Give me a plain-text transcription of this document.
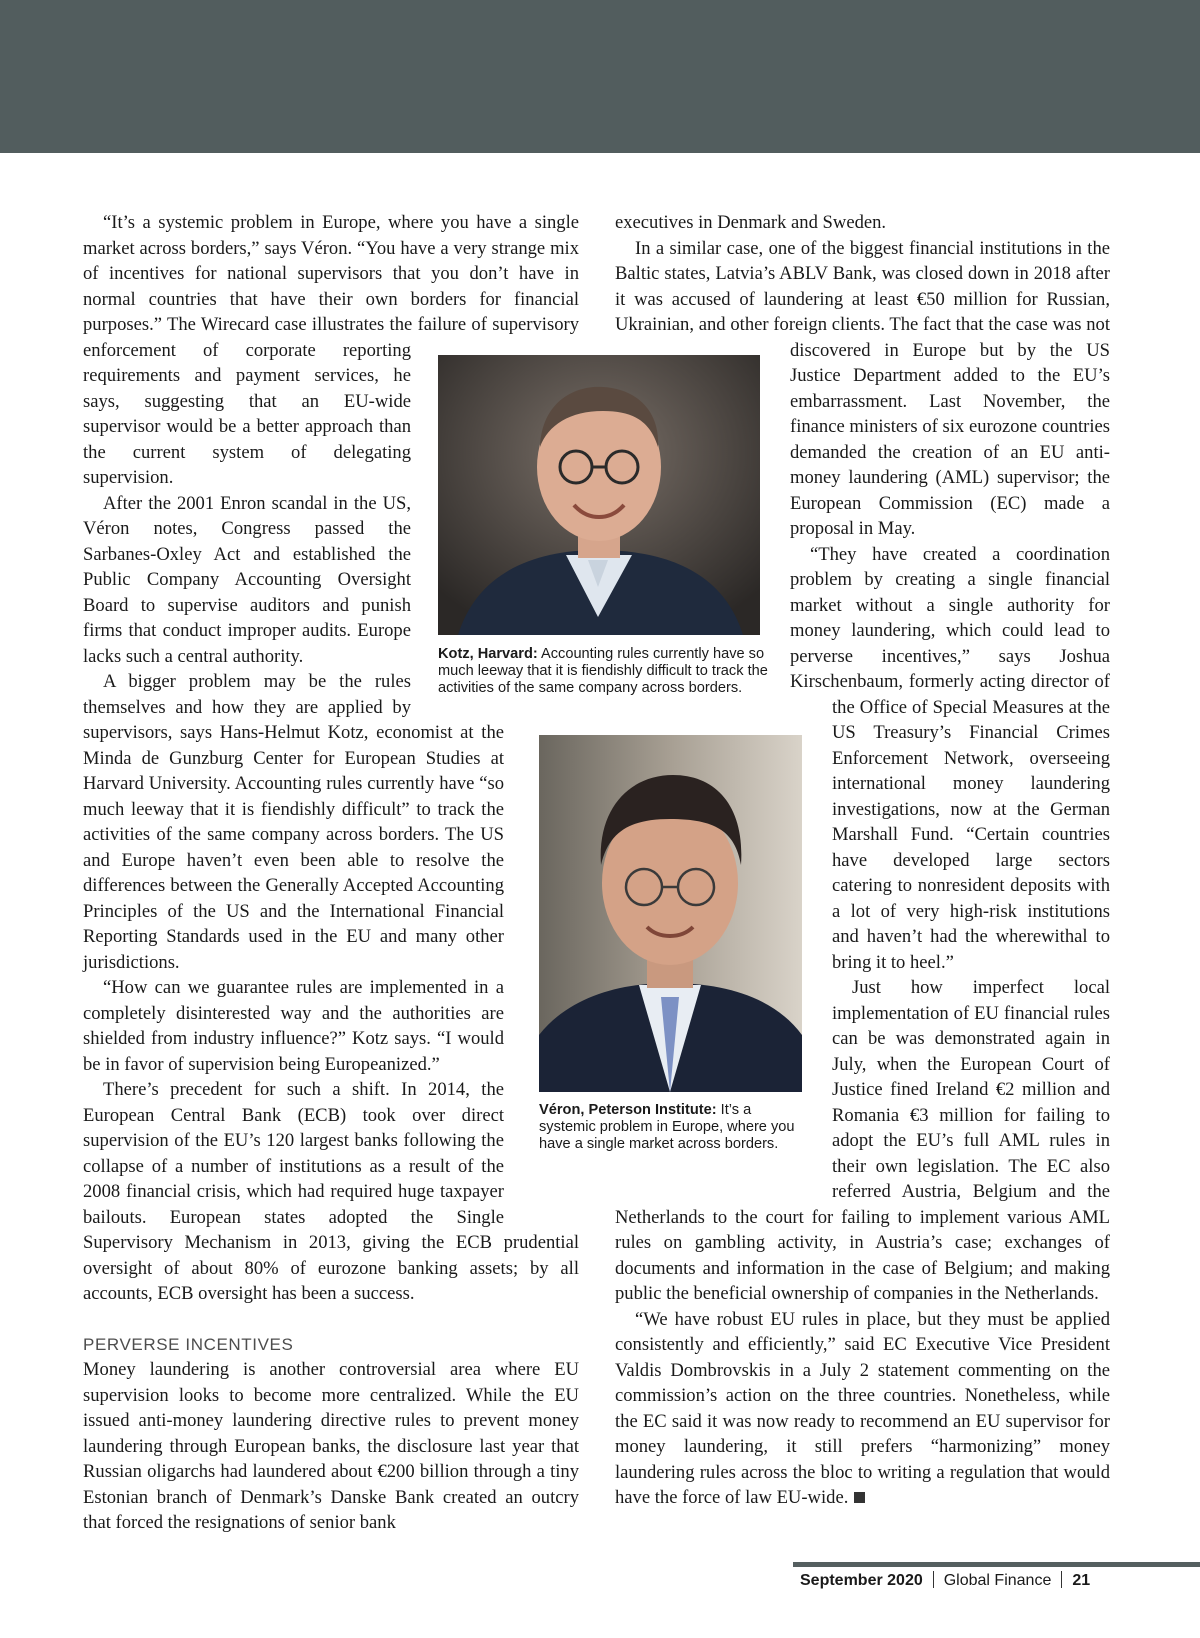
“It’s a systemic problem in Europe, where you have a single market across borders,” says Véron. “You have a very strange mix of incentives for national supervisors that you don’t have in normal countries that have their own borders for financial purposes.” The Wirecard case illustrates the failure of supervisory enforcement of corporate reporting requirements and payment services, he says, suggesting that an EU-wide supervisor would be a better approach than the current system of delegating supervision.

After the 2001 Enron scandal in the US, Véron notes, Congress passed the Sarbanes-Oxley Act and established the Public Company Accounting Oversight Board to supervise auditors and punish firms that conduct improper audits. Europe lacks such a central authority.

A bigger problem may be the rules themselves and how they are applied by supervisors, says Hans-Helmut Kotz, economist at the Minda de Gunzburg Center for European Studies at Harvard University. Accounting rules currently have “so much leeway that it is fiendishly difficult” to track the activities of the same company across borders. The US and Europe haven’t even been able to resolve the differences between the Generally Accepted Accounting Principles of the US and the International Financial Reporting Standards used in the EU and many other jurisdictions.

“How can we guarantee rules are implemented in a completely disinterested way and the authorities are shielded from industry influence?” Kotz says. “I would be in favor of supervision being Europeanized.”

There’s precedent for such a shift. In 2014, the European Central Bank (ECB) took over direct supervision of the EU’s 120 largest banks following the collapse of a number of institutions as a result of the 2008 financial crisis, which had required huge taxpayer bailouts. European states adopted the Single Supervisory Mechanism in 2013, giving the ECB prudential oversight of about 80% of eurozone banking assets; by all accounts, ECB oversight has been a success.

PERVERSE INCENTIVES

Money laundering is another controversial area where EU supervision looks to become more centralized. While the EU issued anti-money laundering directive rules to prevent money laundering through European banks, the disclosure last year that Russian oligarchs had laundered about €200 billion through a tiny Estonian branch of Denmark’s Danske Bank created an outcry that forced the resignations of senior bank

executives in Denmark and Sweden.

In a similar case, one of the biggest financial institutions in the Baltic states, Latvia’s ABLV Bank, was closed down in 2018 after it was accused of laundering at least €50 million for Russian, Ukrainian, and other foreign clients. The fact that the case was not discovered in Europe but by the US Justice Department added to the EU’s embarrassment. Last November, the finance ministers of six eurozone countries demanded the creation of an EU anti-money laundering (AML) supervisor; the European Commission (EC) made a proposal in May.

“They have created a coordination problem by creating a single financial market without a single authority for money laundering, which could lead to perverse incentives,” says Joshua Kirschenbaum, formerly acting director of the Office of Special Measures at the US Treasury’s Financial Crimes Enforcement Network, overseeing international money laundering investigations, now at the German Marshall Fund. “Certain countries have developed large sectors catering to nonresident deposits with a lot of very high-risk institutions and haven’t had the wherewithal to bring it to heel.”

Just how imperfect local implementation of EU financial rules can be was demonstrated again in July, when the European Court of Justice fined Ireland €2 million and Romania €3 million for failing to adopt the EU’s full AML rules in their own legislation. The EC also referred Austria, Belgium and the Netherlands to the court for failing to implement various AML rules on gambling activity, in Austria’s case; exchanges of documents and information in the case of Belgium; and making public the beneficial ownership of companies in the Netherlands.

“We have robust EU rules in place, but they must be applied consistently and efficiently,” said EC Executive Vice President Valdis Dombrovskis in a July 2 statement commenting on the commission’s action on the three countries. Nonetheless, while the EC said it was now ready to recommend an EU supervisor for money laundering, it still prefers “harmonizing” money laundering rules across the bloc to writing a regulation that would have the force of law EU-wide.

Kotz, Harvard: Accounting rules currently have so much leeway that it is fiendishly difficult to track the activities of the same company across borders.
Véron, Peterson Institute: It’s a systemic problem in Europe, where you have a single market across borders.
September 2020 Global Finance 21
